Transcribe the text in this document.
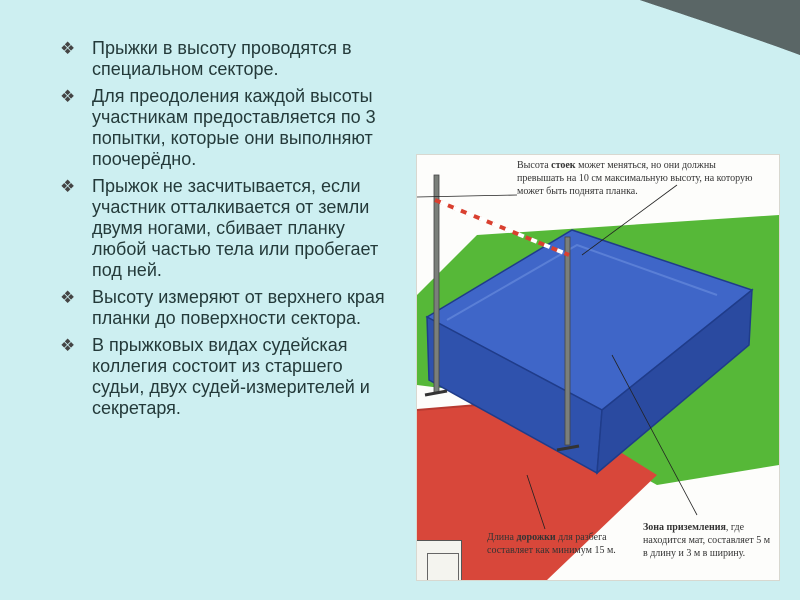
❖ Прыжки в высоту проводятся в специальном секторе.
❖ Для преодоления каждой высоты участникам предоставляется по 3 попытки, которые они выполняют поочерёдно.
❖ Прыжок не засчитывается, если участник отталкивается от земли двумя ногами, сбивает планку любой частью тела или пробегает под ней.
❖ Высоту измеряют от верхнего края планки до поверхности сектора.
❖ В прыжковых видах судейская коллегия состоит из старшего судьи, двух судей-измерителей и секретаря.

Высота стоек может меняться, но они должны превышать на 10 см максимальную высоту, на которую может быть поднята планка.

Длина дорожки для разбега составляет как минимум 15 м.

Зона приземления, где находится мат, составляет 5 м в длину и 3 м в ширину.
